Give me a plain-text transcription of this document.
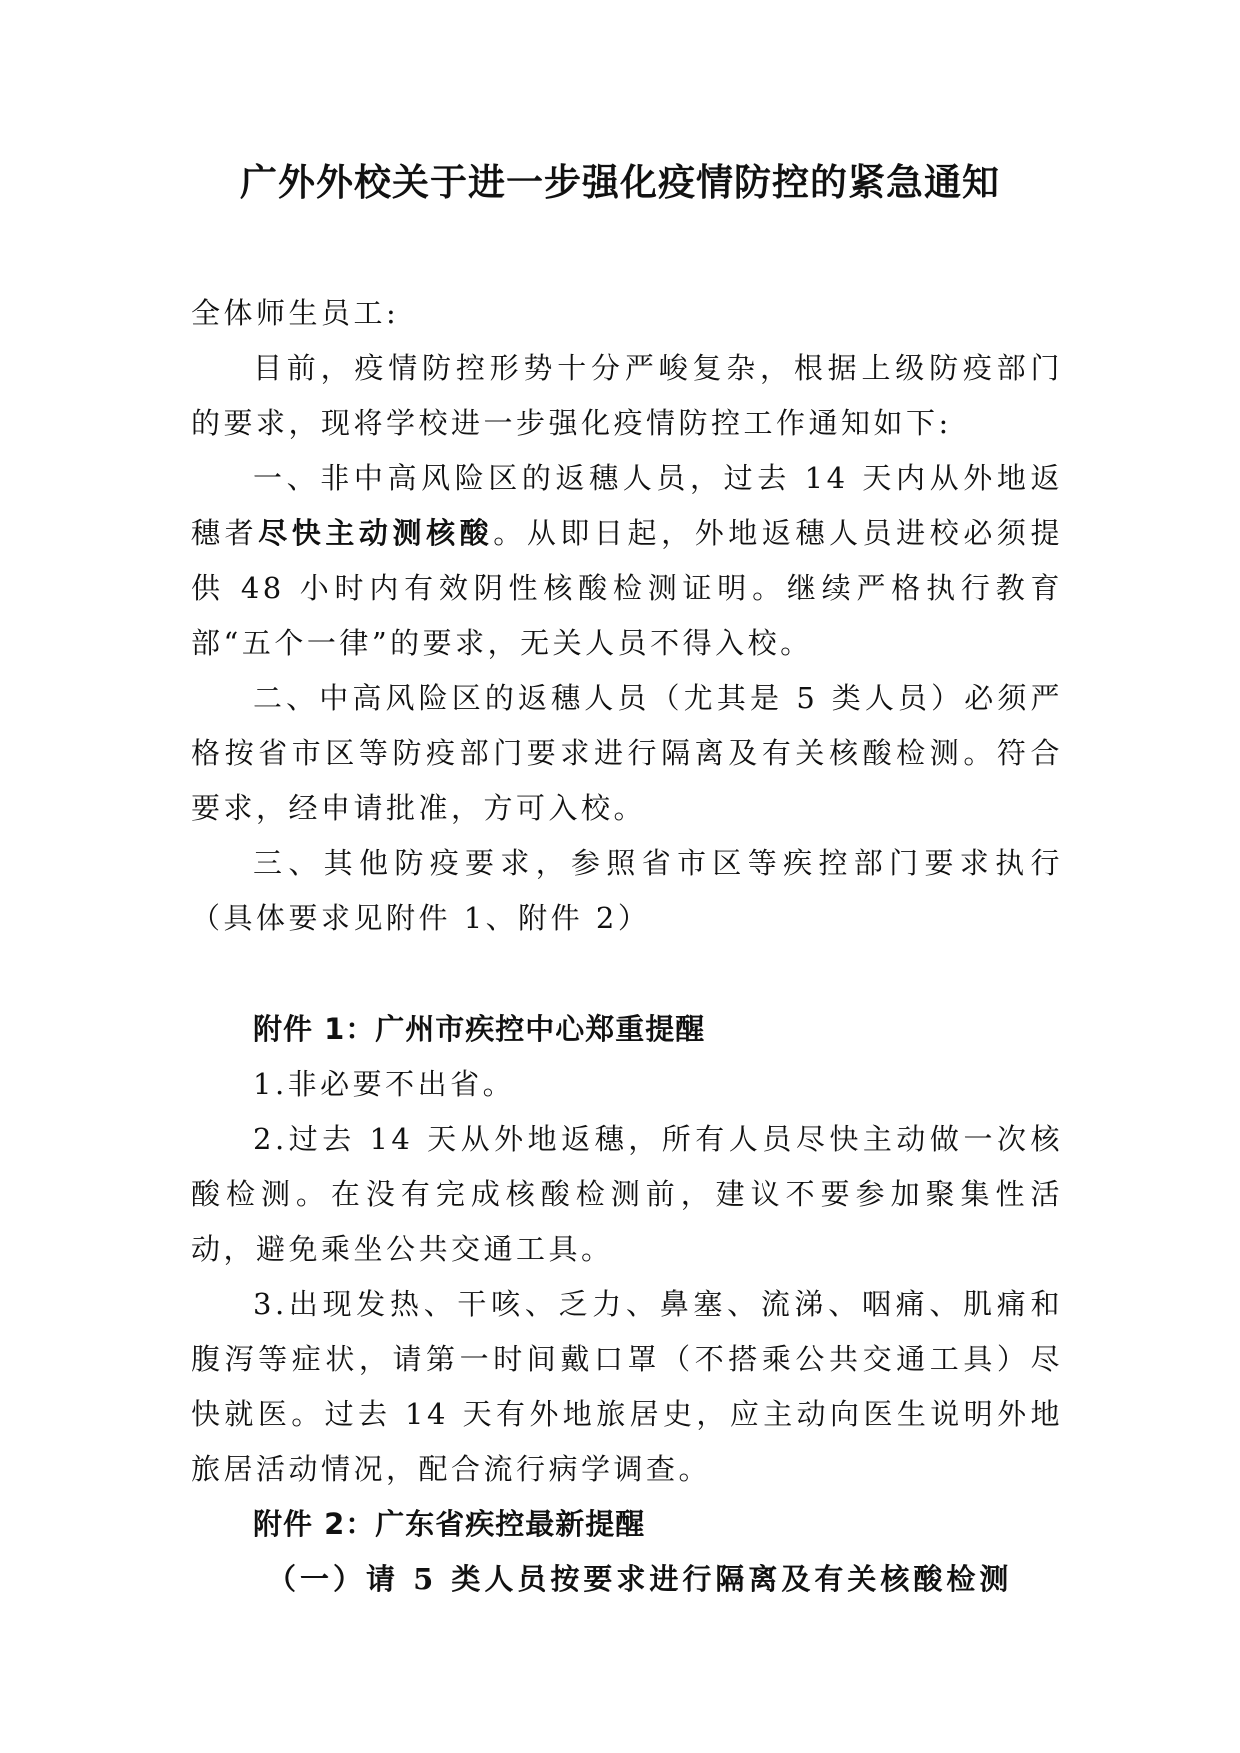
广外外校关于进一步强化疫情防控的紧急通知

全体师生员工:

目前，疫情防控形势十分严峻复杂，根据上级防疫部门的要求，现将学校进一步强化疫情防控工作通知如下:

一、非中高风险区的返穗人员，过去 14 天内从外地返穗者尽快主动测核酸。从即日起，外地返穗人员进校必须提供 48 小时内有效阴性核酸检测证明。继续严格执行教育部“五个一律”的要求，无关人员不得入校。

二、中高风险区的返穗人员（尤其是 5 类人员）必须严格按省市区等防疫部门要求进行隔离及有关核酸检测。符合要求，经申请批准，方可入校。

三、其他防疫要求，参照省市区等疾控部门要求执行（具体要求见附件 1、附件 2）

附件 1：广州市疾控中心郑重提醒

1.非必要不出省。

2.过去 14 天从外地返穗，所有人员尽快主动做一次核酸检测。在没有完成核酸检测前，建议不要参加聚集性活动，避免乘坐公共交通工具。

3.出现发热、干咳、乏力、鼻塞、流涕、咽痛、肌痛和腹泻等症状，请第一时间戴口罩（不搭乘公共交通工具）尽快就医。过去 14 天有外地旅居史，应主动向医生说明外地旅居活动情况，配合流行病学调查。

附件 2：广东省疾控最新提醒

（一）请 5 类人员按要求进行隔离及有关核酸检测
